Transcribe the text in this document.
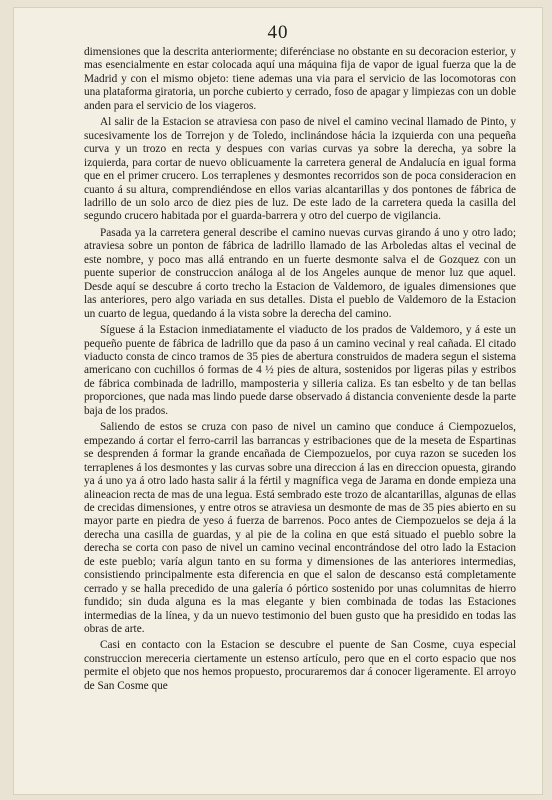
40

dimensiones que la descrita anteriormente; diferénciase no obstante en su decoracion esterior, y mas esencialmente en estar colocada aquí una máquina fija de vapor de igual fuerza que la de Madrid y con el mismo objeto: tiene ademas una via para el servicio de las locomotoras con una plataforma giratoria, un porche cubierto y cerrado, foso de apagar y limpiezas con un doble anden para el servicio de los viageros.

Al salir de la Estacion se atraviesa con paso de nivel el camino vecinal llamado de Pinto, y sucesivamente los de Torrejon y de Toledo, inclinándose hácia la izquierda con una pequeña curva y un trozo en recta y despues con varias curvas ya sobre la derecha, ya sobre la izquierda, para cortar de nuevo oblicuamente la carretera general de Andalucía en igual forma que en el primer crucero. Los terraplenes y desmontes recorridos son de poca consideracion en cuanto á su altura, comprendiéndose en ellos varias alcantarillas y dos pontones de fábrica de ladrillo de un solo arco de diez pies de luz. De este lado de la carretera queda la casilla del segundo crucero habitada por el guarda-barrera y otro del cuerpo de vigilancia.

Pasada ya la carretera general describe el camino nuevas curvas girando á uno y otro lado; atraviesa sobre un ponton de fábrica de ladrillo llamado de las Arboledas altas el vecinal de este nombre, y poco mas allá entrando en un fuerte desmonte salva el de Gozquez con un puente superior de construccion análoga al de los Angeles aunque de menor luz que aquel. Desde aquí se descubre á corto trecho la Estacion de Valdemoro, de iguales dimensiones que las anteriores, pero algo variada en sus detalles. Dista el pueblo de Valdemoro de la Estacion un cuarto de legua, quedando á la vista sobre la derecha del camino.

Síguese á la Estacion inmediatamente el viaducto de los prados de Valdemoro, y á este un pequeño puente de fábrica de ladrillo que da paso á un camino vecinal y real cañada. El citado viaducto consta de cinco tramos de 35 pies de abertura construidos de madera segun el sistema americano con cuchillos ó formas de 4 ½ pies de altura, sostenidos por ligeras pilas y estribos de fábrica combinada de ladrillo, mamposteria y silleria caliza. Es tan esbelto y de tan bellas proporciones, que nada mas lindo puede darse observado á distancia conveniente desde la parte baja de los prados.

Saliendo de estos se cruza con paso de nivel un camino que conduce á Ciempozuelos, empezando á cortar el ferro-carril las barrancas y estribaciones que de la meseta de Espartinas se desprenden á formar la grande encañada de Ciempozuelos, por cuya razon se suceden los terraplenes á los desmontes y las curvas sobre una direccion á las en direccion opuesta, girando ya á uno ya á otro lado hasta salir á la fértil y magnífica vega de Jarama en donde empieza una alineacion recta de mas de una legua. Está sembrado este trozo de alcantarillas, algunas de ellas de crecidas dimensiones, y entre otros se atraviesa un desmonte de mas de 35 pies abierto en su mayor parte en piedra de yeso á fuerza de barrenos. Poco antes de Ciempozuelos se deja á la derecha una casilla de guardas, y al pie de la colina en que está situado el pueblo sobre la derecha se corta con paso de nivel un camino vecinal encontrándose del otro lado la Estacion de este pueblo; varía algun tanto en su forma y dimensiones de las anteriores intermedias, consistiendo principalmente esta diferencia en que el salon de descanso está completamente cerrado y se halla precedido de una galería ó pórtico sostenido por unas columnitas de hierro fundido; sin duda alguna es la mas elegante y bien combinada de todas las Estaciones intermedias de la línea, y da un nuevo testimonio del buen gusto que ha presidido en todas las obras de arte.

Casi en contacto con la Estacion se descubre el puente de San Cosme, cuya especial construccion mereceria ciertamente un estenso artículo, pero que en el corto espacio que nos permite el objeto que nos hemos propuesto, procuraremos dar á conocer ligeramente. El arroyo de San Cosme que
